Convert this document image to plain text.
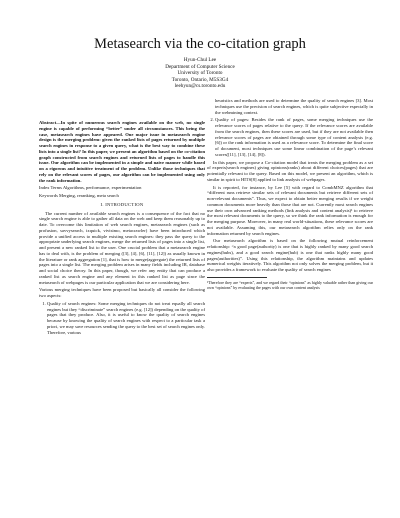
Metasearch via the co-citation graph
Hyun-Chul Lee
Department of Computer Science
University of Toronto
Toronto, Ontario, M5S3G4
leehyun@cs.toronto.edu

Abstract—In spite of numerous search engines available on the web, no single engine is capable of performing “better” under all circumstances. This being the case, metasearch engines have appeared. One major issue in metasearch engine design is the merging problem: given the ranked lists of pages returned by multiple search engines in response to a given query, what is the best way to combine these lists into a single list? In this paper, we present an algorithm based on the co-citation graph constructed from search engines and returned lists of pages to handle this issue. Our algorithm can be implemented in a simple and naive manner while based on a rigorous and intuitive treatment of the problem. Unlike those techniques that rely on the relevant scores of pages, our algorithm can be implemented using only the rank information.

Index Terms Algorithms, performance, experimentation

Keywords Merging, reranking, meta search

I. INTRODUCTION

The current number of available search engines is a consequence of the fact that no single search engine is able to gather all data on the web and keep them reasonably up to date. To overcome this limitation of web search engines, metasearch engines (such as profusion, savvysearch, ixquick, vivisimo, metacrawler) have been introduced which provide a unified access to multiple existing search engines: they pass the query to the appropriate underlying search engines, merge the returned lists of pages into a single list, and present a new ranked list to the user. One crucial problem that a metasearch engine has to deal with, is the problem of merging ([3], [4], [6], [11], [12]) as usually known in the literature or rank aggregation [1], that is how to merge(aggregate) the returned lists of pages into a single list. The merging problem arises in many fields including IR, database and social choice theory. In this paper, though, we refer any entity that can produce a ranked list as search engine and any element in this ranked list as page since the metasearch of webpages is our particular application that we are considering here.

Various merging techniques have been proposed but basically all consider the following two aspects:

1. Quality of search engines: Some merging techniques do not treat equally all search engines but they “discriminate” search engines (e.g. [12]) depending on the quality of pages that they produce. Also, it is useful to know the quality of search engines because by knowing the quality of search engines with respect to a particular task a priori, we may save resources sending the query to the best set of search engines only. Therefore, various

heuristics and methods are used to determine the quality of search engines [3]. Most techniques use the precision of search engines, which is quite subjective especially in the webmining context.

2. Quality of pages: Besides the rank of pages, some merging techniques use the relevance scores of pages relative to the query. If the relevance scores are available from the search engines, then these scores are used, but if they are not available then relevance scores of pages are obtained through some type of content analysis (e.g. [6]) or the rank information is used as a relevance score. To determine the final score of document, most techniques use some linear combination of the page’s relevant scores([11], [13], [14], [8]).

In this paper, we propose a Co-citation model that treats the merging problem as a set of experts(search engines) giving opinions(ranks) about different choices(pages) that are potentially relevant to the query. Based on this model, we present an algorithm, which is similar in spirit to HITS[8] applied to link analysis of webpages.

It is reported, for instance, by Lee [5] with regard to CombMNZ algorithm that “different runs retrieve similar sets of relevant documents but retrieve different sets of non-relevant documents”. Thus, we expect to obtain better merging results if we weight common documents more heavily than those that are not. Currently most search engines use their own advanced ranking methods (link analysis and content analysis)¹ to retrieve the most relevant documents to the query, so we think the rank information is enough for the merging purpose. Moreover, in many real world-situations, these relevance scores are not available. Assuming this, our metasearch algorithm relies only on the rank information returned by search engines.

Our metasearch algorithm is based on the following mutual reinforcement relationship: “a good page(authority) is one that is highly ranked by many good search engines(hubs), and a good search engine(hub) is one that ranks highly many good pages(authorities)”. Using this relationship, the algorithm maintains and updates numerical weights iteratively. This algorithm not only solves the merging problem, but it also provides a framework to evaluate the quality of search engines

¹Therefore they are “experts”, and we regard their “opinions” as highly valuable rather than giving our own “opinions” by evaluating the pages with our own content analysis
